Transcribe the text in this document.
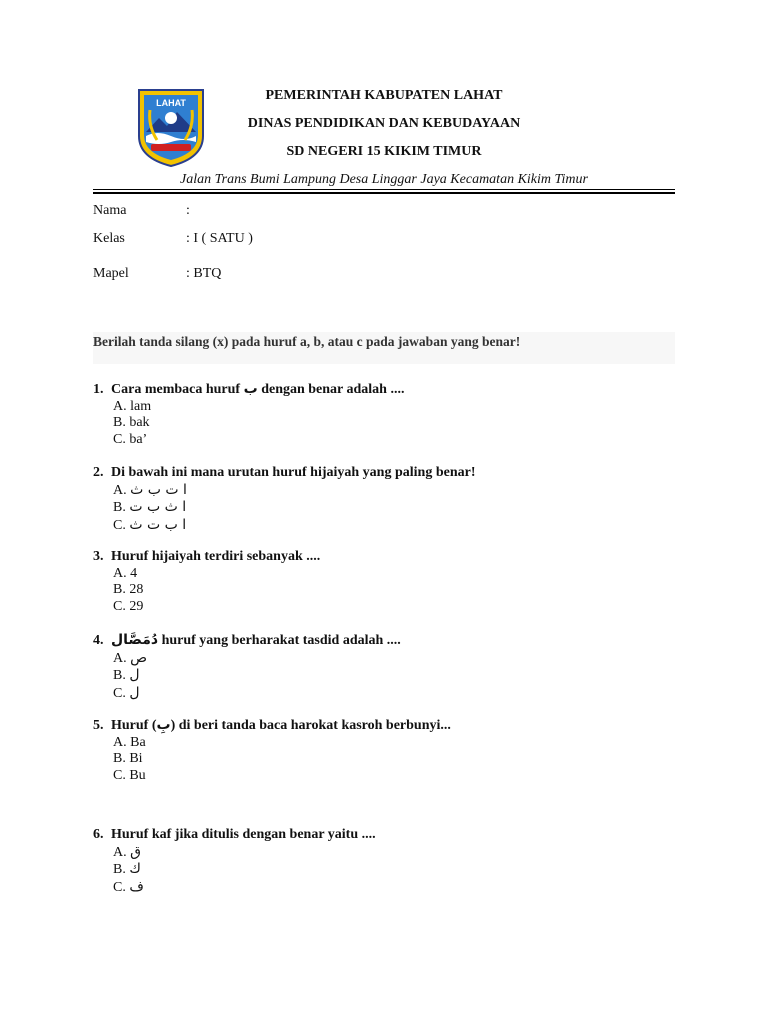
LAHAT	PEMERINTAH KABUPATEN LAHAT
DINAS PENDIDIKAN DAN KEBUDAYAAN
SD NEGERI 15 KIKIM TIMUR
Jalan Trans Bumi Lampung Desa Linggar Jaya Kecamatan Kikim Timur
Nama	:
Kelas	: I ( SATU )
Mapel	: BTQ
Berilah tanda silang (x) pada huruf a, b, atau c pada jawaban yang benar!
1. Cara membaca huruf ب dengan benar adalah ....
A. lam
B. bak
C. ba’
2. Di bawah ini mana urutan huruf hijaiyah yang paling benar!
A. ا ت ب ث
B. ا ث ب ت
C. ا ب ت ث
3. Huruf hijaiyah terdiri sebanyak ....
A. 4
B. 28
C. 29
4. دُمَصَّال huruf yang berharakat tasdid adalah ....
A. ص
B. ل
C. ل
5. Huruf (بِ) di beri tanda baca harokat kasroh berbunyi...
A. Ba
B. Bi
C. Bu
6. Huruf kaf jika ditulis dengan benar yaitu ....
A. ق
B. ك
C. ف
